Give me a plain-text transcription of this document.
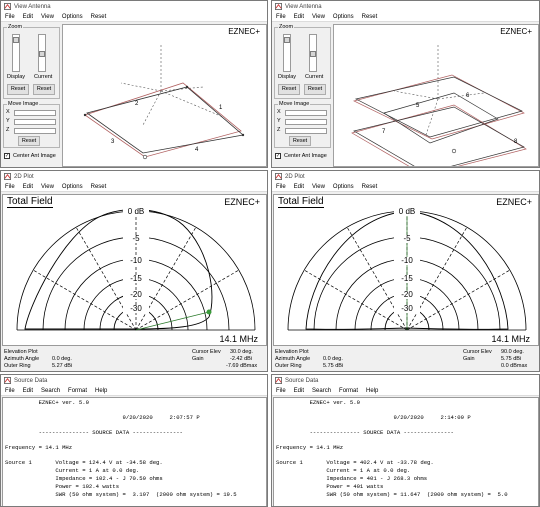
View Antenna
File Edit View Options Reset
Zoom
Display Current
Reset	Reset
Move Image
X
Y
Z
Reset
✓ Center Ant Image
EZNEC+
1
2
3
4
View Antenna
File Edit View Options Reset
Zoom
Display Current
Reset	Reset
Move Image
X
Y
Z
Reset
✓ Center Ant Image
EZNEC+
6
5
7
8
2D Plot
File Edit View Options Reset
Total Field	EZNEC+
0 dB
-5
-10
-15
-20
-30
14.1 MHz
Elevation Plot
Azimuth Angle 0.0 deg.
Outer Ring	5.27 dBi
Cursor Elev 30.0 deg.
Gain	-2.42 dBi
-7.69 dBmax
2D Plot
File Edit View Options Reset
Total Field	EZNEC+
0 dB
-5
-10
-15
-20
-30
14.1 MHz
Elevation Plot
Azimuth Angle 0.0 deg.
Outer Ring	5.75 dBi
Cursor Elev 90.0 deg.
Gain	5.75 dBi
0.0 dBmax
Source Data
File Edit Search Format Help

EZNEC+ ver. 5.0

9/20/2020     2:07:57 P

--------------- SOURCE DATA ---------------

Frequency = 14.1 MHz

Source 1       Voltage = 124.4 V at -34.58 deg.

Current = 1 A at 0.0 deg.

Impedance = 102.4 - J 70.59 ohms

Power = 102.4 watts

SWR (50 ohm system) =  3.197  (2000 ohm system) = 19.5

Source Data
File Edit Search Format Help

EZNEC+ ver. 5.0

9/20/2020     2:14:09 P

--------------- SOURCE DATA ---------------

Frequency = 14.1 MHz

Source 1       Voltage = 402.4 V at -33.78 deg.

Current = 1 A at 0.0 deg.

Impedance = 401 - J 268.3 ohms

Power = 401 watts

SWR (50 ohm system) = 11.647  (2000 ohm system) =  5.0
